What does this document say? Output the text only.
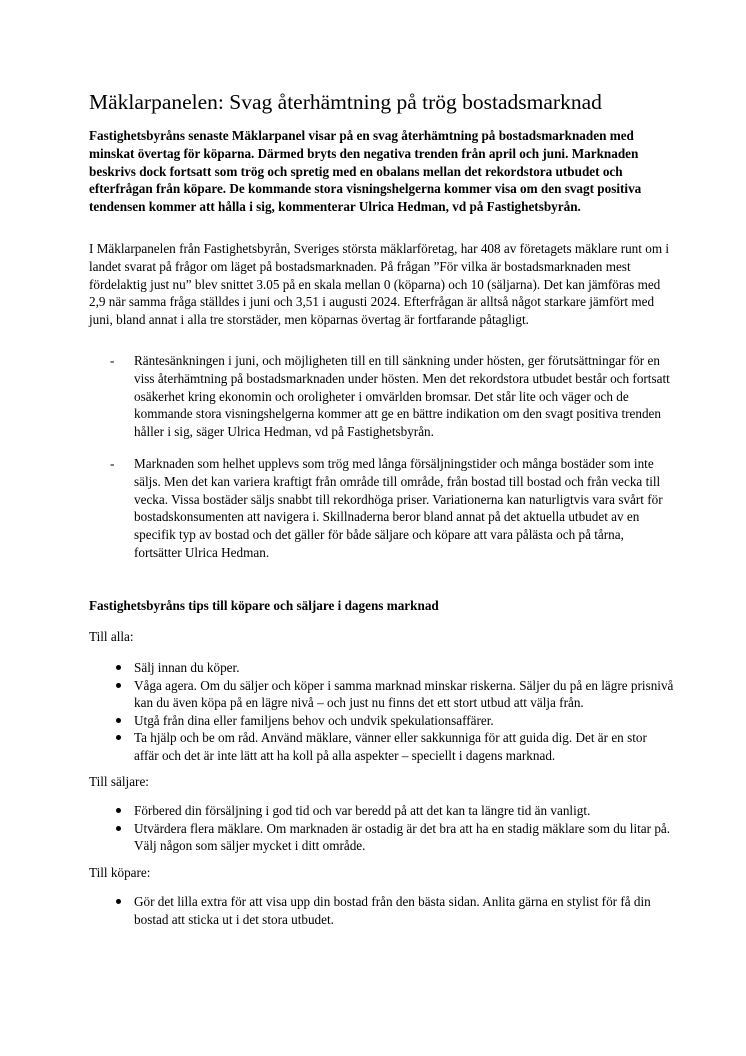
Mäklarpanelen: Svag återhämtning på trög bostadsmarknad

Fastighetsbyråns senaste Mäklarpanel visar på en svag återhämtning på bostadsmarknaden med minskat övertag för köparna. Därmed bryts den negativa trenden från april och juni. Marknaden beskrivs dock fortsatt som trög och spretig med en obalans mellan det rekordstora utbudet och efterfrågan från köpare. De kommande stora visningshelgerna kommer visa om den svagt positiva tendensen kommer att hålla i sig, kommenterar Ulrica Hedman, vd på Fastighetsbyrån.

I Mäklarpanelen från Fastighetsbyrån, Sveriges största mäklarföretag, har 408 av företagets mäklare runt om i landet svarat på frågor om läget på bostadsmarknaden. På frågan ”För vilka är bostadsmarknaden mest fördelaktig just nu” blev snittet 3.05 på en skala mellan 0 (köparna) och 10 (säljarna). Det kan jämföras med 2,9 när samma fråga ställdes i juni och 3,51 i augusti 2024. Efterfrågan är alltså något starkare jämfört med juni, bland annat i alla tre storstäder, men köparnas övertag är fortfarande påtagligt.

- Räntesänkningen i juni, och möjligheten till en till sänkning under hösten, ger förutsättningar för en viss återhämtning på bostadsmarknaden under hösten. Men det rekordstora utbudet består och fortsatt osäkerhet kring ekonomin och oroligheter i omvärlden bromsar. Det står lite och väger och de kommande stora visningshelgerna kommer att ge en bättre indikation om den svagt positiva trenden håller i sig, säger Ulrica Hedman, vd på Fastighetsbyrån.
- Marknaden som helhet upplevs som trög med långa försäljningstider och många bostäder som inte säljs. Men det kan variera kraftigt från område till område, från bostad till bostad och från vecka till vecka. Vissa bostäder säljs snabbt till rekordhöga priser. Variationerna kan naturligtvis vara svårt för bostadskonsumenten att navigera i. Skillnaderna beror bland annat på det aktuella utbudet av en specifik typ av bostad och det gäller för både säljare och köpare att vara pålästa och på tårna, fortsätter Ulrica Hedman.

Fastighetsbyråns tips till köpare och säljare i dagens marknad

Till alla:

Sälj innan du köper.
Våga agera. Om du säljer och köper i samma marknad minskar riskerna. Säljer du på en lägre prisnivå kan du även köpa på en lägre nivå – och just nu finns det ett stort utbud att välja från.
Utgå från dina eller familjens behov och undvik spekulationsaffärer.
Ta hjälp och be om råd. Använd mäklare, vänner eller sakkunniga för att guida dig. Det är en stor affär och det är inte lätt att ha koll på alla aspekter – speciellt i dagens marknad.

Till säljare:

Förbered din försäljning i god tid och var beredd på att det kan ta längre tid än vanligt.
Utvärdera flera mäklare. Om marknaden är ostadig är det bra att ha en stadig mäklare som du litar på. Välj någon som säljer mycket i ditt område.

Till köpare:

Gör det lilla extra för att visa upp din bostad från den bästa sidan. Anlita gärna en stylist för få din bostad att sticka ut i det stora utbudet.
